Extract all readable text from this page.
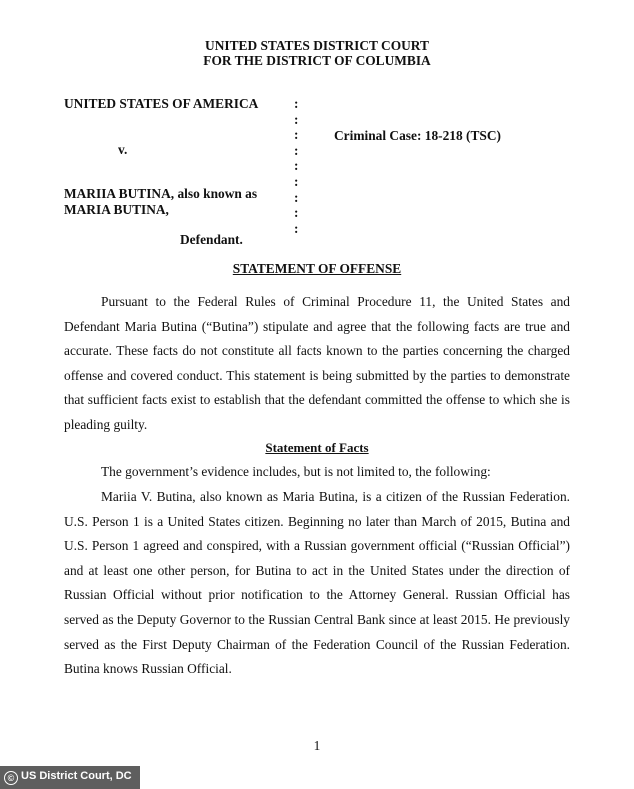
UNITED STATES DISTRICT COURT
FOR THE DISTRICT OF COLUMBIA
UNITED STATES OF AMERICA
v.
MARIIA BUTINA, also known as
MARIA BUTINA,
Defendant.
:
:
:
:
:
:
:
:
:
Criminal Case: 18-218 (TSC)
STATEMENT OF OFFENSE

Pursuant to the Federal Rules of Criminal Procedure 11, the United States and Defendant Maria Butina (“Butina”) stipulate and agree that the following facts are true and accurate. These facts do not constitute all facts known to the parties concerning the charged offense and covered conduct. This statement is being submitted by the parties to demonstrate that sufficient facts exist to establish that the defendant committed the offense to which she is pleading guilty.

Statement of Facts

The government’s evidence includes, but is not limited to, the following:

Mariia V. Butina, also known as Maria Butina, is a citizen of the Russian Federation. U.S. Person 1 is a United States citizen. Beginning no later than March of 2015, Butina and U.S. Person 1 agreed and conspired, with a Russian government official (“Russian Official”) and at least one other person, for Butina to act in the United States under the direction of Russian Official without prior notification to the Attorney General. Russian Official has served as the Deputy Governor to the Russian Central Bank since at least 2015. He previously served as the First Deputy Chairman of the Federation Council of the Russian Federation. Butina knows Russian Official.

1
© US District Court, DC
